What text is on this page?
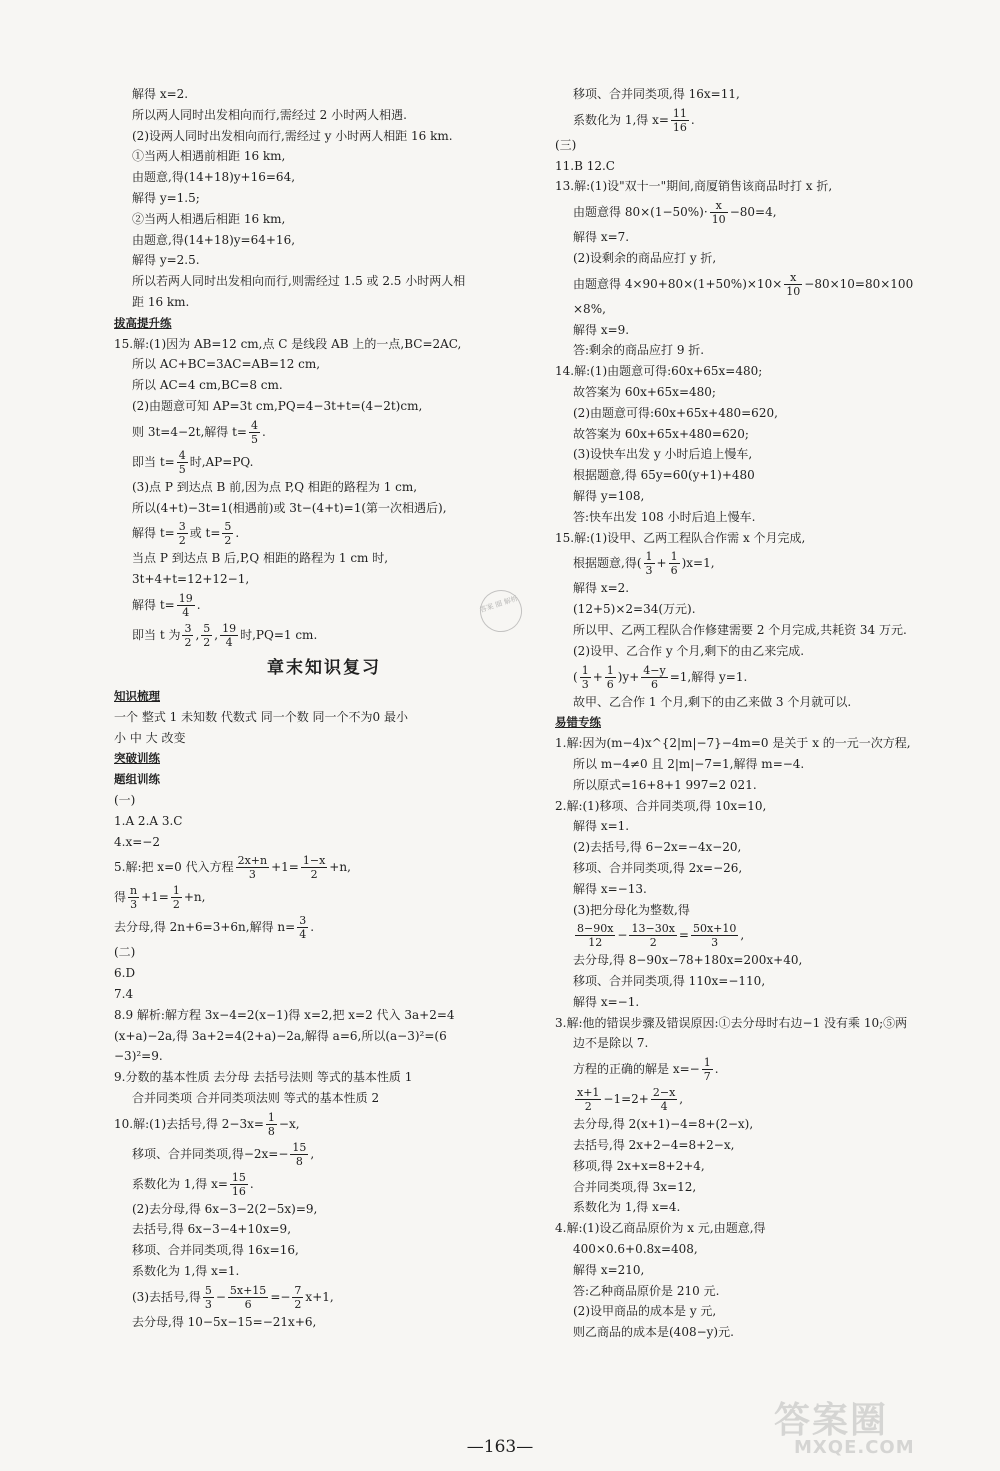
解得 x=2.
所以两人同时出发相向而行,需经过 2 小时两人相遇.
(2)设两人同时出发相向而行,需经过 y 小时两人相距 16 km.
①当两人相遇前相距 16 km,
由题意,得(14+18)y+16=64,
解得 y=1.5;
②当两人相遇后相距 16 km,
由题意,得(14+18)y=64+16,
解得 y=2.5.
所以若两人同时出发相向而行,则需经过 1.5 或 2.5 小时两人相
距 16 km.
拔高提升练
15.解:(1)因为 AB=12 cm,点 C 是线段 AB 上的一点,BC=2AC,
所以 AC+BC=3AC=AB=12 cm,
所以 AC=4 cm,BC=8 cm.
(2)由题意可知 AP=3t cm,PQ=4−3t+t=(4−2t)cm,
则 3t=4−2t,解得 $t= \frac{4}{5}$ .
即当 $t= \frac{4}{5}$ 时,AP=PQ.
(3)点 P 到达点 B 前,因为点 P,Q 相距的路程为 1 cm,
所以(4+t)−3t=1(相遇前)或 3t−(4+t)=1(第一次相遇后),
解得 $t= \frac{3}{2}$ 或 $t= \frac{5}{2}$ .
当点 P 到达点 B 后,P,Q 相距的路程为 1 cm 时,
3t+4+t=12+12−1,
解得 $t= \frac{19}{4}$ .
即当 t 为 $\frac{3}{2}$ , $\frac{5}{2}$ , $\frac{19}{4}$ 时,PQ=1 cm.
章末知识复习
知识梳理
一个 整式 1 未知数 代数式 同一个数 同一个不为0 最小
小 中 大 改变
突破训练
题组训练
(一)
1.A 2.A 3.C
4.x=−2
5.解:把 x=0 代入方程 $\frac{2x+n}{3} +1= \frac{1-x}{2} +n$,
得 $\frac{n}{3} +1= \frac{1}{2} +n$,
去分母,得 2n+6=3+6n,解得 $n= \frac{3}{4}$ .
(二)
6.D
7.4
8.9 解析:解方程 3x−4=2(x−1)得 x=2,把 x=2 代入 3a+2=4
(x+a)−2a,得 3a+2=4(2+a)−2a,解得 a=6,所以(a−3)²=(6
−3)²=9.
9.分数的基本性质 去分母 去括号法则 等式的基本性质 1
合并同类项 合并同类项法则 等式的基本性质 2
10.解:(1)去括号,得 $2-3x= \frac{1}{8} -x$,
移项、合并同类项,得$-2x=- \frac{15}{8}$ ,
系数化为 1,得 $x= \frac{15}{16}$ .
(2)去分母,得 6x−3−2(2−5x)=9,
去括号,得 6x−3−4+10x=9,
移项、合并同类项,得 16x=16,
系数化为 1,得 x=1.
(3)去括号,得 $\frac{5}{3} - \frac{5x+15}{6} =- \frac{7}{2} x+1$,
去分母,得 10−5x−15=−21x+6,
移项、合并同类项,得 16x=11,
系数化为 1,得 $x= \frac{11}{16}$ .
(三)
11.B 12.C
13.解:(1)设"双十一"期间,商厦销售该商品时打 x 折,
由题意得 $80\times(1-50\%)\cdot \frac{x}{10} -80=4$,
解得 x=7.
(2)设剩余的商品应打 y 折,
由题意得 $4\times 90+80\times(1+50\%)\times 10\times \frac{x}{10} -80\times 10=80\times 100$
×8%,
解得 x=9.
答:剩余的商品应打 9 折.
14.解:(1)由题意可得:60x+65x=480;
故答案为 60x+65x=480;
(2)由题意可得:60x+65x+480=620,
故答案为 60x+65x+480=620;
(3)设快车出发 y 小时后追上慢车,
根据题意,得 65y=60(y+1)+480
解得 y=108,
答:快车出发 108 小时后追上慢车.
15.解:(1)设甲、乙两工程队合作需 x 个月完成,
根据题意,得( $\frac{1}{3} + \frac{1}{6} )x=1$,
解得 x=2.
(12+5)×2=34(万元).
所以甲、乙两工程队合作修建需要 2 个月完成,共耗资 34 万元.
(2)设甲、乙合作 y 个月,剩下的由乙来完成.
( $\frac{1}{3} + \frac{1}{6} )y+ \frac{4-y}{6} =1$,解得 y=1.
故甲、乙合作 1 个月,剩下的由乙来做 3 个月就可以.
易错专练
1.解:因为(m−4)x^{2|m|−7}−4m=0 是关于 x 的一元一次方程,
所以 m−4≠0 且 2|m|−7=1,解得 m=−4.
所以原式=16+8+1 997=2 021.
2.解:(1)移项、合并同类项,得 10x=10,
解得 x=1.
(2)去括号,得 6−2x=−4x−20,
移项、合并同类项,得 2x=−26,
解得 x=−13.
(3)把分母化为整数,得
$\frac{8-90x}{12} - \frac{13-30x}{2} = \frac{50x+10}{3}$ ,
去分母,得 8−90x−78+180x=200x+40,
移项、合并同类项,得 110x=−110,
解得 x=−1.
3.解:他的错误步骤及错误原因:①去分母时右边−1 没有乘 10;⑤两
边不是除以 7.
方程的正确的解是 $x=- \frac{1}{7}$ .
$\frac{x+1}{2} -1=2+ \frac{2-x}{4}$ ,
去分母,得 2(x+1)−4=8+(2−x),
去括号,得 2x+2−4=8+2−x,
移项,得 2x+x=8+2+4,
合并同类项,得 3x=12,
系数化为 1,得 x=4.
4.解:(1)设乙商品原价为 x 元,由题意,得
400×0.6+0.8x=408,
解得 x=210,
答:乙种商品原价是 210 元.
(2)设甲商品的成本是 y 元,
则乙商品的成本是(408−y)元.
答案 圈 解析
—163—
答案圈
MXQE.COM
